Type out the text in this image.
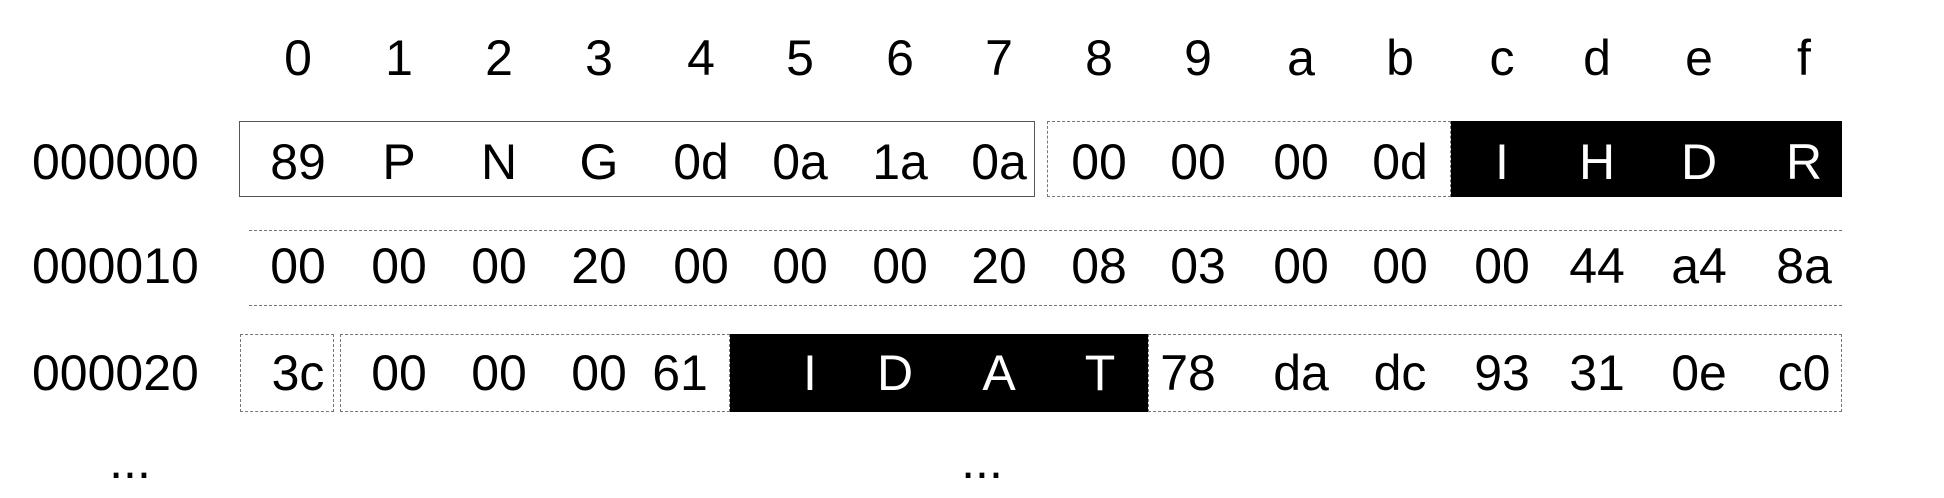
0 1 2 3 4 5 6 7 8 9 a b c d e f
000000 89 P N G 0d 0a 1a 0a 00 00 00 0d I H D R
000010 00 00 00 20 00 00 00 20 08 03 00 00 00 44 a4 8a
000020 3c 00 00 00 61 I D A T 78 da dc 93 31 0e c0
...	...
